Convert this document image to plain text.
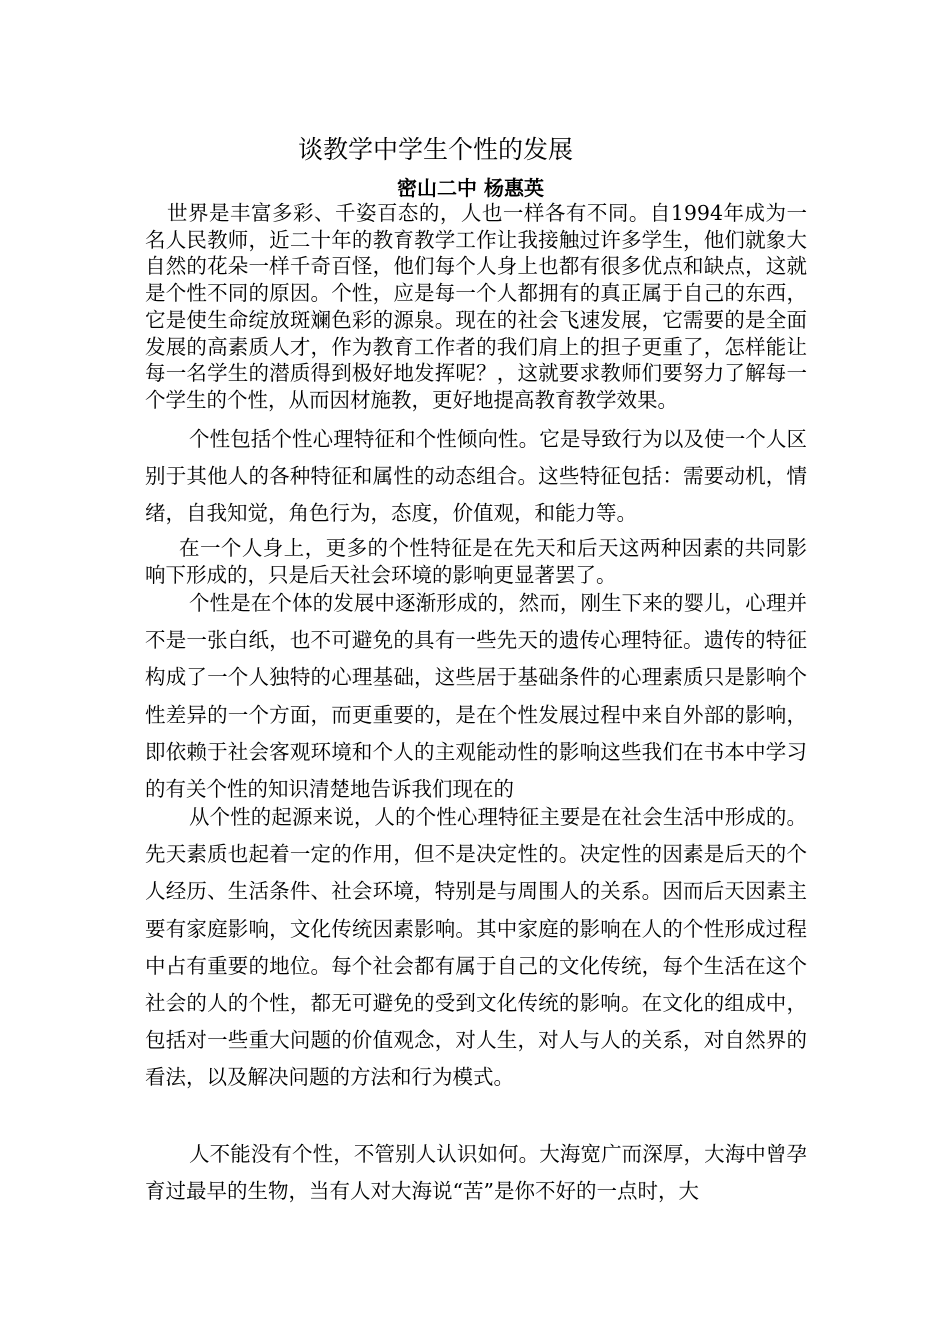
谈教学中学生个性的发展
密山二中 杨惠英

世界是丰富多彩、千姿百态的，人也一样各有不同。自1994年成为一名人民教师，近二十年的教育教学工作让我接触过许多学生，他们就象大自然的花朵一样千奇百怪，他们每个人身上也都有很多优点和缺点，这就是个性不同的原因。个性，应是每一个人都拥有的真正属于自己的东西，它是使生命绽放斑斓色彩的源泉。现在的社会飞速发展，它需要的是全面发展的高素质人才，作为教育工作者的我们肩上的担子更重了，怎样能让每一名学生的潜质得到极好地发挥呢？，这就要求教师们要努力了解每一个学生的个性，从而因材施教，更好地提高教育教学效果。

个性包括个性心理特征和个性倾向性。它是导致行为以及使一个人区别于其他人的各种特征和属性的动态组合。这些特征包括：需要动机，情绪，自我知觉，角色行为，态度，价值观，和能力等。

在一个人身上，更多的个性特征是在先天和后天这两种因素的共同影响下形成的，只是后天社会环境的影响更显著罢了。

个性是在个体的发展中逐渐形成的，然而，刚生下来的婴儿，心理并不是一张白纸，也不可避免的具有一些先天的遗传心理特征。遗传的特征构成了一个人独特的心理基础，这些居于基础条件的心理素质只是影响个性差异的一个方面，而更重要的，是在个性发展过程中来自外部的影响，即依赖于社会客观环境和个人的主观能动性的影响这些我们在书本中学习的有关个性的知识清楚地告诉我们现在的

从个性的起源来说，人的个性心理特征主要是在社会生活中形成的。先天素质也起着一定的作用，但不是决定性的。决定性的因素是后天的个人经历、生活条件、社会环境，特别是与周围人的关系。因而后天因素主要有家庭影响，文化传统因素影响。其中家庭的影响在人的个性形成过程中占有重要的地位。每个社会都有属于自己的文化传统，每个生活在这个社会的人的个性，都无可避免的受到文化传统的影响。在文化的组成中，包括对一些重大问题的价值观念，对人生，对人与人的关系，对自然界的看法，以及解决问题的方法和行为模式。

人不能没有个性，不管别人认识如何。大海宽广而深厚，大海中曾孕育过最早的生物，当有人对大海说“苦”是你不好的一点时，大
